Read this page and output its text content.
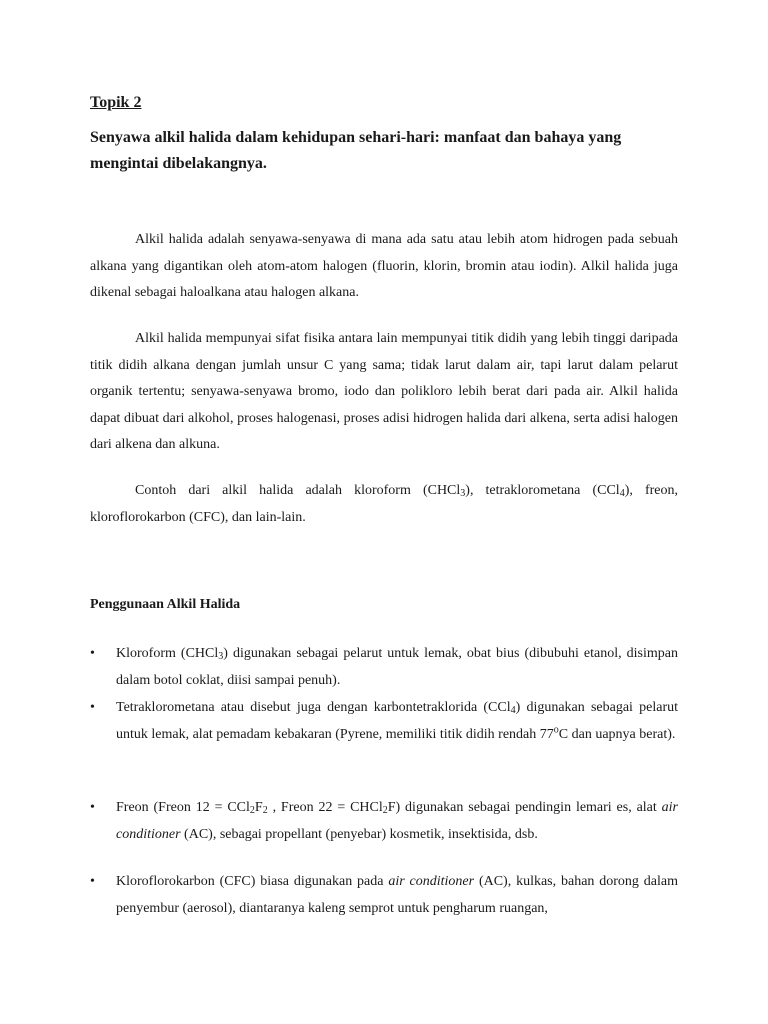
Topik 2
Senyawa alkil halida dalam kehidupan sehari-hari: manfaat dan bahaya yang mengintai dibelakangnya.

Alkil halida adalah senyawa-senyawa di mana ada satu atau lebih atom hidrogen pada sebuah alkana yang digantikan oleh atom-atom halogen (fluorin, klorin, bromin atau iodin). Alkil halida juga dikenal sebagai haloalkana atau halogen alkana.

Alkil halida mempunyai sifat fisika antara lain mempunyai titik didih yang lebih tinggi daripada titik didih alkana dengan jumlah unsur C yang sama; tidak larut dalam air, tapi larut dalam pelarut organik tertentu; senyawa-senyawa bromo, iodo dan polikloro lebih berat dari pada air. Alkil halida dapat dibuat dari alkohol, proses halogenasi, proses adisi hidrogen halida dari alkena, serta adisi halogen dari alkena dan alkuna.

Contoh dari alkil halida adalah kloroform (CHCl$_3$), tetraklorometana (CCl$_4$), freon, kloroflorokarbon (CFC), dan lain-lain.

Penggunaan Alkil Halida
•	Kloroform (CHCl$_3$) digunakan sebagai pelarut untuk lemak, obat bius (dibubuhi etanol, disimpan dalam botol coklat, diisi sampai penuh).
•	Tetraklorometana atau disebut juga dengan karbontetraklorida (CCl$_4$) digunakan sebagai pelarut untuk lemak, alat pemadam kebakaran (Pyrene, memiliki titik didih rendah 77$^o$C dan uapnya berat).
•	Freon (Freon $12 = CCl_2F_2$ , Freon 22 = CHCl$_2$F) digunakan sebagai pendingin lemari es, alat air conditioner (AC), sebagai propellant (penyebar) kosmetik, insektisida, dsb.
•	Kloroflorokarbon (CFC) biasa digunakan pada air conditioner (AC), kulkas, bahan dorong dalam penyembur (aerosol), diantaranya kaleng semprot untuk pengharum ruangan,
